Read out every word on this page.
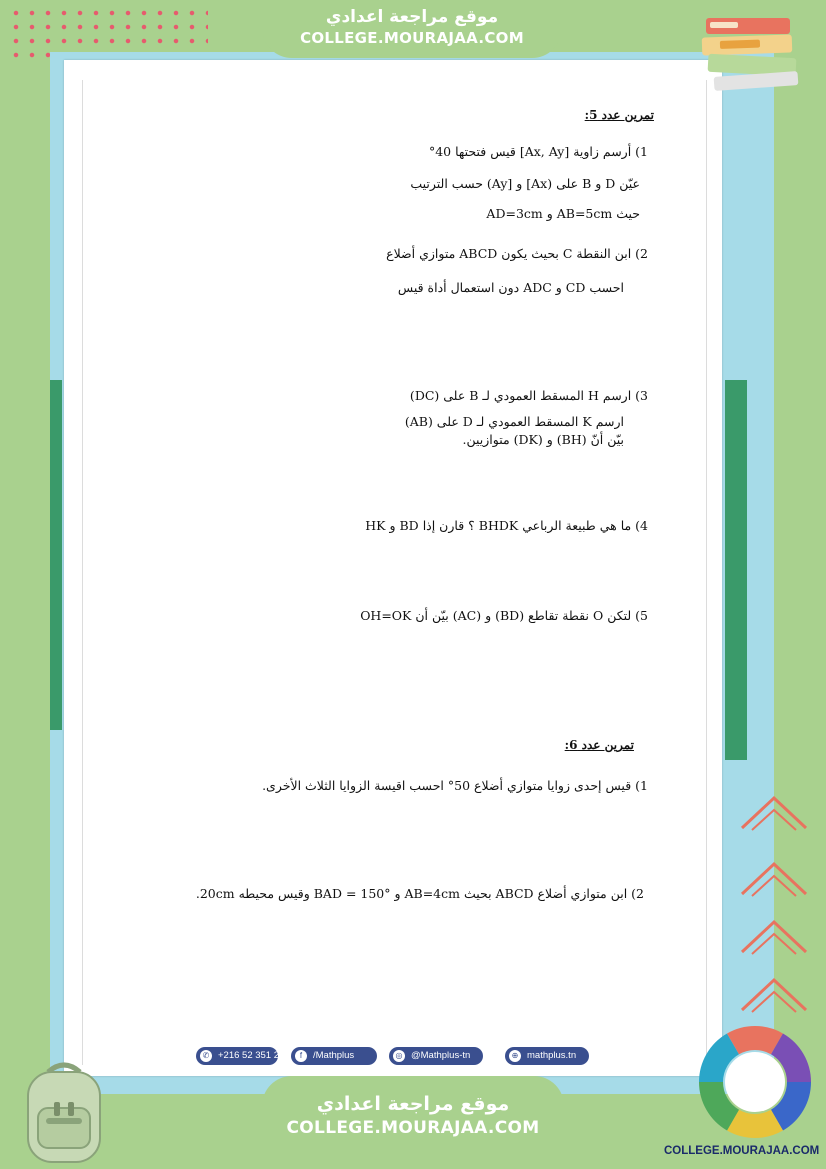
موقع مراجعة اعدادي
COLLEGE.MOURAJAA.COM
تمرين عدد 5:
1) أرسم زاوية [Ax, Ay] قيس فتحتها 40°
عيّن D و B على (Ax] و [Ay) حسب الترتيب
حيث AB=5cm و AD=3cm
2) ابن النقطة C بحيث يكون ABCD متوازي أضلاع
احسب CD و ADC دون استعمال أداة قيس
3) ارسم H المسقط العمودي لـ B على (DC)
ارسم K المسقط العمودي لـ D على (AB)
بيّن أنّ (BH) و (DK) متوازيين.
4) ما هي طبيعة الرباعي BHDK ؟ قارن إذا BD و HK
5) لتكن O نقطة تقاطع (BD) و (AC) بيّن أن OH=OK
تمرين عدد 6:
1) قيس إحدى زوايا متوازي أضلاع 50° احسب اقيسة الزوايا الثلاث الأخرى.
2) ابن متوازي أضلاع ABCD بحيث AB=4cm و BAD = 150° وقيس محيطه 20cm.
✆ +216 52 351 249	f	/Mathplus	◎ @Mathplus-tn	⊕ mathplus.tn
موقع مراجعة اعدادي
COLLEGE.MOURAJAA.COM
COLLEGE.MOURAJAA.COM
